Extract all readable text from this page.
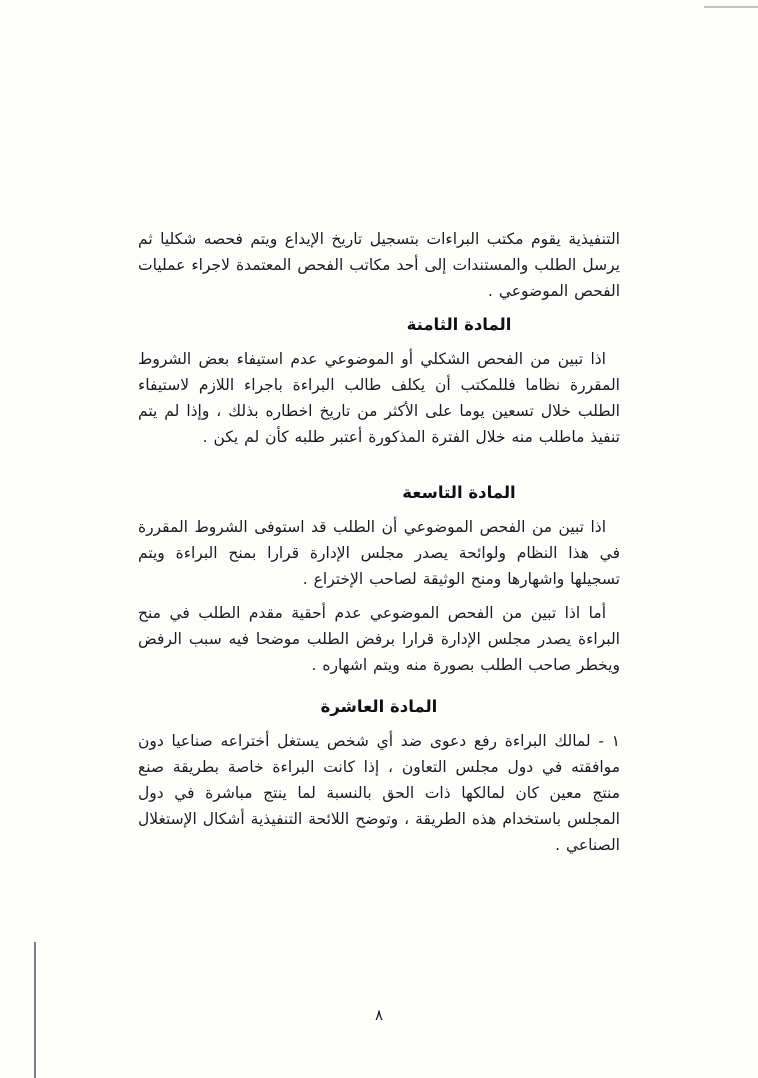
التنفيذية يقوم مكتب البراءات بتسجيل تاريخ الإيداع ويتم فحصه شكليا ثم يرسل الطلب والمستندات إلى أحد مكاتب الفحص المعتمدة لاجراء عمليات الفحص الموضوعي .

المادة الثامنة

اذا تبين من الفحص الشكلي أو الموضوعي عدم استيفاء بعض الشروط المقررة نظاما فللمكتب أن يكلف طالب البراءة باجراء اللازم لاستيفاء الطلب خلال تسعين يوما على الأكثر من تاريخ اخطاره بذلك ، وإذا لم يتم تنفيذ ماطلب منه خلال الفترة المذكورة أعتبر طلبه كأن لم يكن .

المادة التاسعة

اذا تبين من الفحص الموضوعي أن الطلب قد استوفى الشروط المقررة في هذا النظام ولوائحة يصدر مجلس الإدارة قرارا بمنح البراءة ويتم تسجيلها واشهارها ومنح الوثيقة لصاحب الإختراع .

أما اذا تبين من الفحص الموضوعي عدم أحقية مقدم الطلب في منح البراءة يصدر مجلس الإدارة قرارا برفض الطلب موضحا فيه سبب الرفض ويخطر صاحب الطلب بصورة منه ويتم اشهاره .

المادة العاشرة

١ - لمالك البراءة رفع دعوى ضد أي شخص يستغل أختراعه صناعيا دون موافقته في دول مجلس التعاون ، إذا كانت البراءة خاصة بطريقة صنع منتج معين كان لمالكها ذات الحق بالنسبة لما ينتج مباشرة في دول المجلس باستخدام هذه الطريقة ، وتوضح اللائحة التنفيذية أشكال الإستغلال الصناعي .

٨
